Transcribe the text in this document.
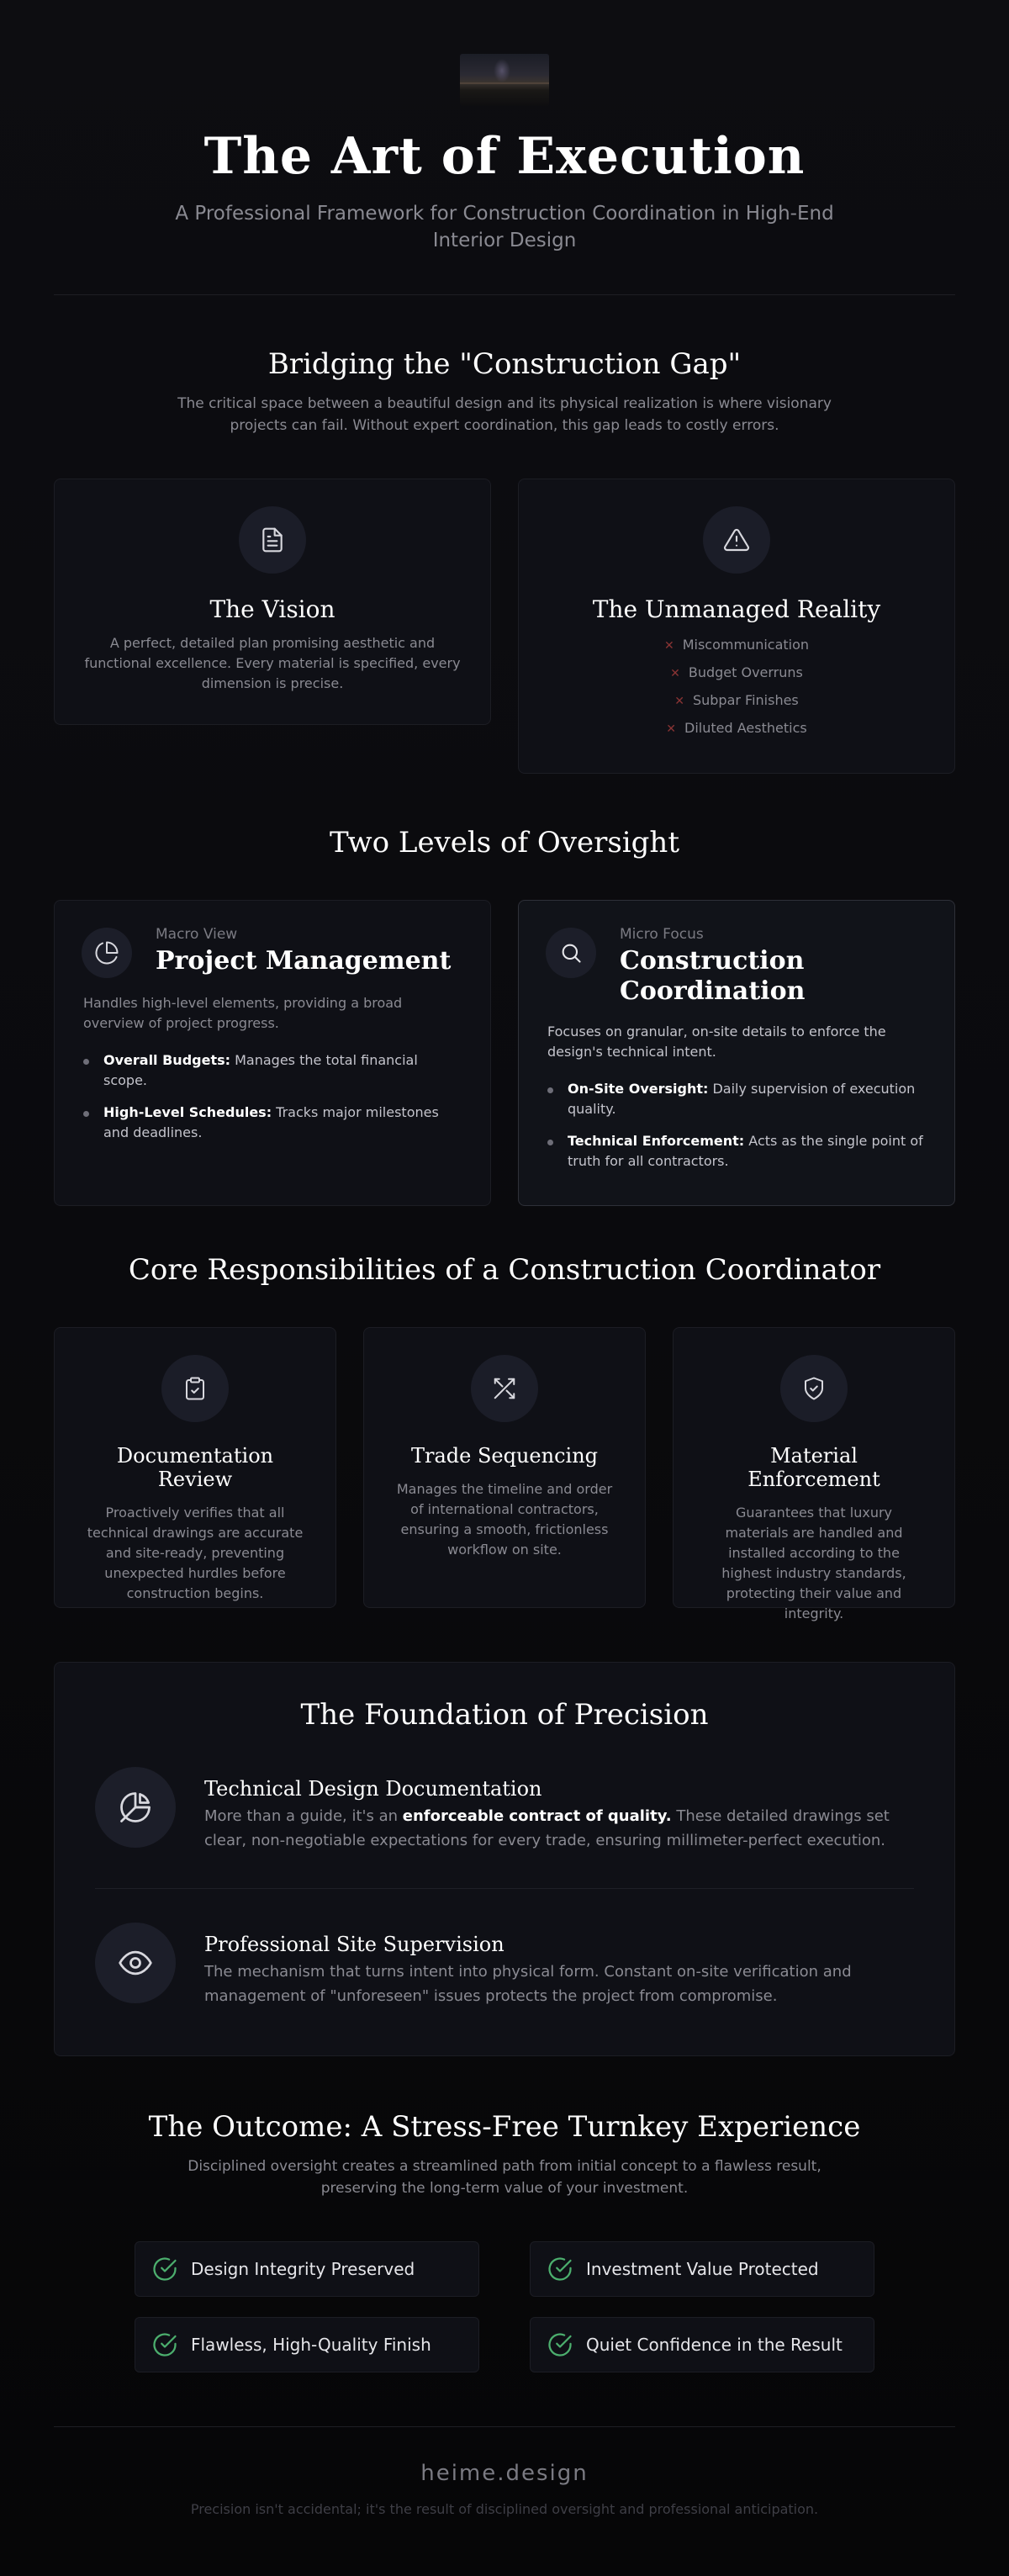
The Art of Execution

A Professional Framework for Construction Coordination in High-End Interior Design

Bridging the "Construction Gap"

The critical space between a beautiful design and its physical realization is where visionary projects can fail. Without expert coordination, this gap leads to costly errors.

The Vision

A perfect, detailed plan promising aesthetic and functional excellence. Every material is specified, every dimension is precise.

The Unmanaged Reality
✕ Miscommunication
✕ Budget Overruns
✕ Subpar Finishes
✕ Diluted Aesthetics
Two Levels of Oversight
Macro View
Project Management

Handles high-level elements, providing a broad overview of project progress.

Overall Budgets: Manages the total financial scope.
High-Level Schedules: Tracks major milestones and deadlines.
Micro Focus
Construction
Coordination

Focuses on granular, on-site details to enforce the design's technical intent.

On-Site Oversight: Daily supervision of execution quality.
Technical Enforcement: Acts as the single point of truth for all contractors.
Core Responsibilities of a Construction Coordinator
Documentation Review

Proactively verifies that all technical drawings are accurate and site-ready, preventing unexpected hurdles before construction begins.

Trade Sequencing

Manages the timeline and order of international contractors, ensuring a smooth, frictionless workflow on site.

Material Enforcement

Guarantees that luxury materials are handled and installed according to the highest industry standards, protecting their value and integrity.

The Foundation of Precision
Technical Design Documentation

More than a guide, it's an enforceable contract of quality. These detailed drawings set clear, non-negotiable expectations for every trade, ensuring millimeter-perfect execution.

Professional Site Supervision

The mechanism that turns intent into physical form. Constant on-site verification and management of "unforeseen" issues protects the project from compromise.

The Outcome: A Stress-Free Turnkey Experience

Disciplined oversight creates a streamlined path from initial concept to a flawless result, preserving the long-term value of your investment.

Design Integrity Preserved	Investment Value Protected
Flawless, High-Quality Finish	Quiet Confidence in the Result
heime.design

Precision isn't accidental; it's the result of disciplined oversight and professional anticipation.
